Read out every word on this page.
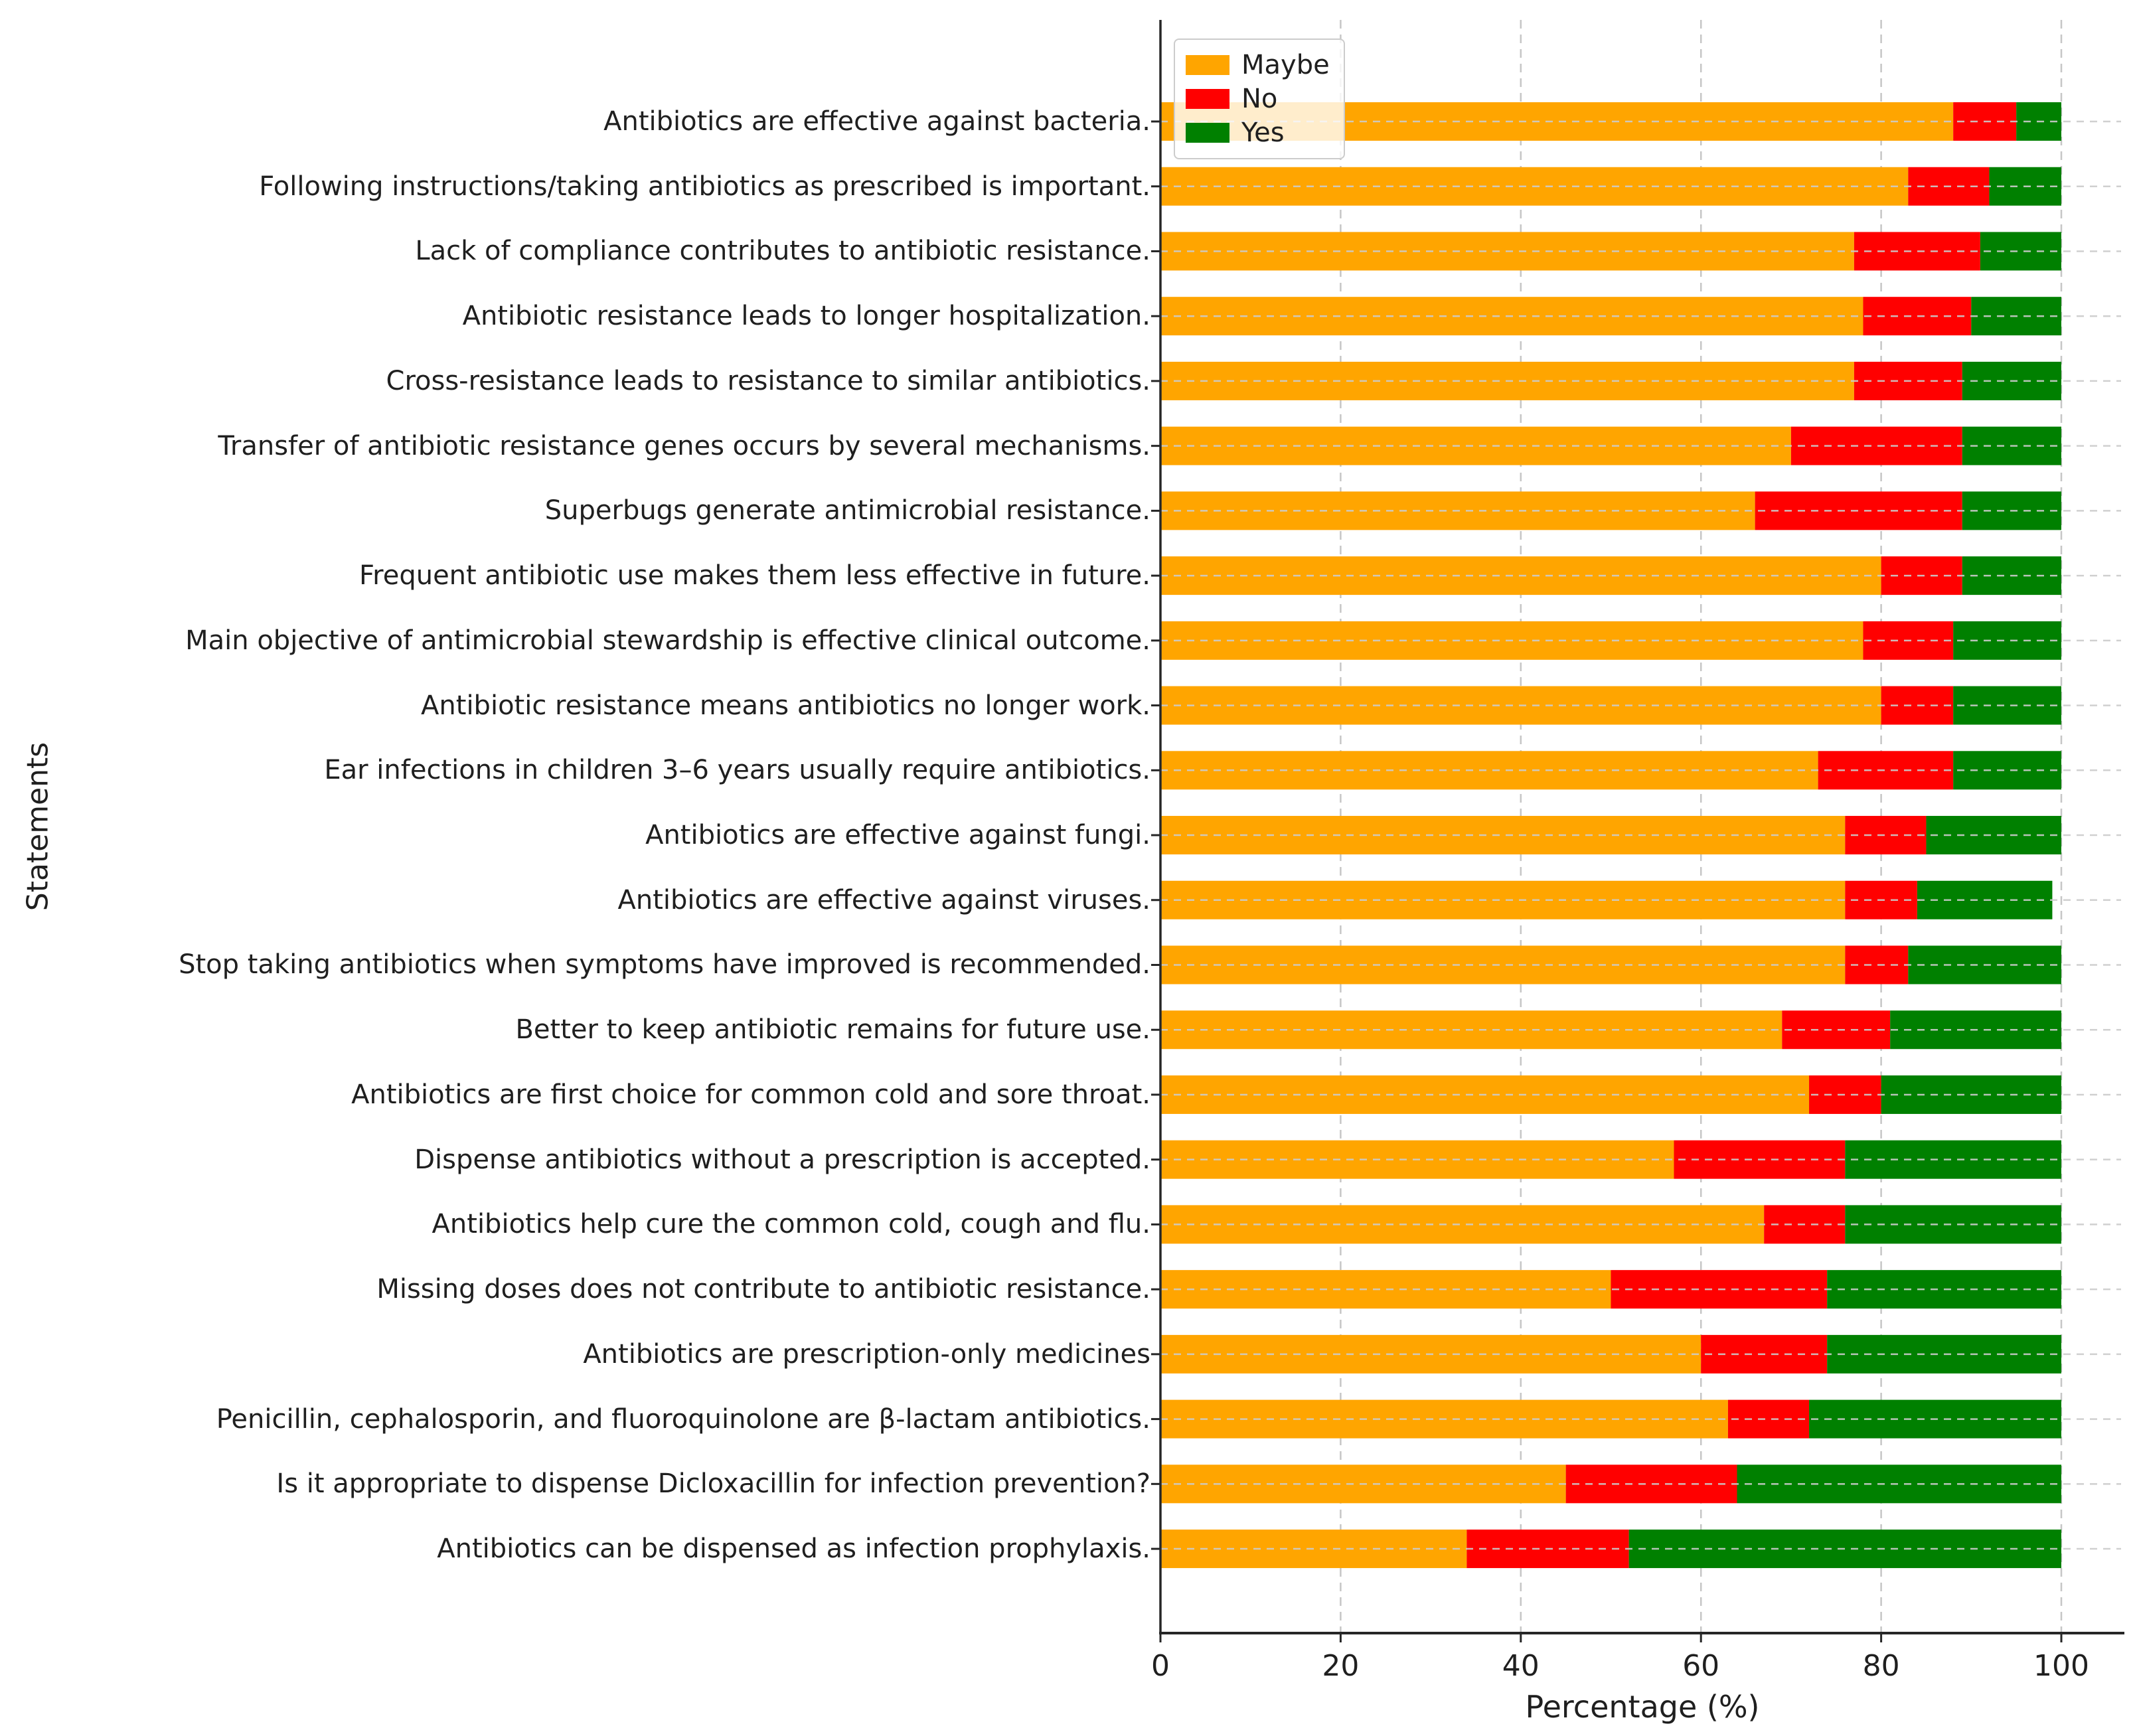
Antibiotics are effective against bacteria.
Following instructions/taking antibiotics as prescribed is important.
Lack of compliance contributes to antibiotic resistance.
Antibiotic resistance leads to longer hospitalization.
Cross-resistance leads to resistance to similar antibiotics.
Transfer of antibiotic resistance genes occurs by several mechanisms.
Superbugs generate antimicrobial resistance.
Frequent antibiotic use makes them less effective in future.
Main objective of antimicrobial stewardship is effective clinical outcome.
Antibiotic resistance means antibiotics no longer work.
Ear infections in children 3–6 years usually require antibiotics.
Antibiotics are effective against fungi.
Antibiotics are effective against viruses.
Stop taking antibiotics when symptoms have improved is recommended.
Better to keep antibiotic remains for future use.
Antibiotics are first choice for common cold and sore throat.
Dispense antibiotics without a prescription is accepted.
Antibiotics help cure the common cold, cough and flu.
Missing doses does not contribute to antibiotic resistance.
Antibiotics are prescription-only medicines
Penicillin, cephalosporin, and fluoroquinolone are β-lactam antibiotics.
Is it appropriate to dispense Dicloxacillin for infection prevention?
Antibiotics can be dispensed as infection prophylaxis.
0	20	40	60	80	100
Percentage (%)
Statements
Maybe
No
Yes
